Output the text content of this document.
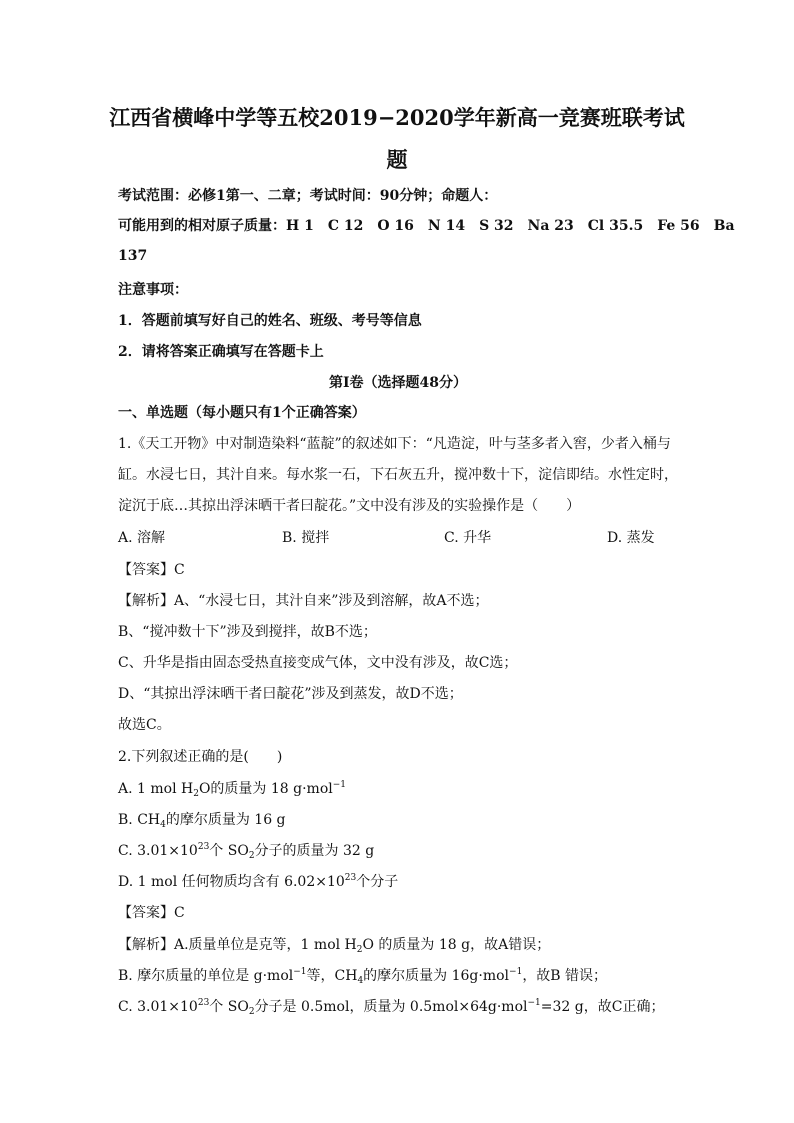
江西省横峰中学等五校2019−2020学年新高一竞赛班联考试
题
考试范围：必修1第一、二章；考试时间：90分钟；命题人：
可能用到的相对原子质量：H 1 C 12 O 16 N 14 S 32 Na 23 Cl 35.5 Fe 56 Ba
137
注意事项：
1．答题前填写好自己的姓名、班级、考号等信息
2．请将答案正确填写在答题卡上
第I卷（选择题48分）
一、单选题（每小题只有1个正确答案）
1.《天工开物》中对制造染料“蓝靛”的叙述如下：“凡造淀，叶与茎多者入窖，少者入桶与
缸。水浸七日，其汁自来。每水浆一石，下石灰五升，搅冲数十下，淀信即结。水性定时，
淀沉于底…其掠出浮沫晒干者曰靛花。”文中没有涉及的实验操作是（　　）
A. 溶解	B. 搅拌	C. 升华	D. 蒸发
【答案】C
【解析】A、“水浸七日，其汁自来”涉及到溶解，故A不选；
B、“搅冲数十下”涉及到搅拌，故B不选；
C、升华是指由固态受热直接变成气体，文中没有涉及，故C选；
D、“其掠出浮沫晒干者曰靛花”涉及到蒸发，故D不选；
故选C。
2.下列叙述正确的是(　　)
A. 1 mol $H_2O$的质量为 18 g·mol$^{-1}$
B. $CH_4$的摩尔质量为 16 g
C. $3.01\times 10^{23}$个 $SO_2$分子的质量为 32 g
D. 1 mol 任何物质均含有 $6.02\times 10^{23}$个分子
【答案】C
【解析】A.质量单位是克等，1 mol $H_2O$ 的质量为 18 g，故A错误；
B. 摩尔质量的单位是 g·mol$^{-1}$等，$CH_4$的摩尔质量为 16g·mol$^{-1}$，故B 错误；
C. $3.01\times 10^{23}$个 $SO_2$分子是 0.5mol，质量为 0.5mol×64g·mol$^{-1}$=32 g，故C正确；
